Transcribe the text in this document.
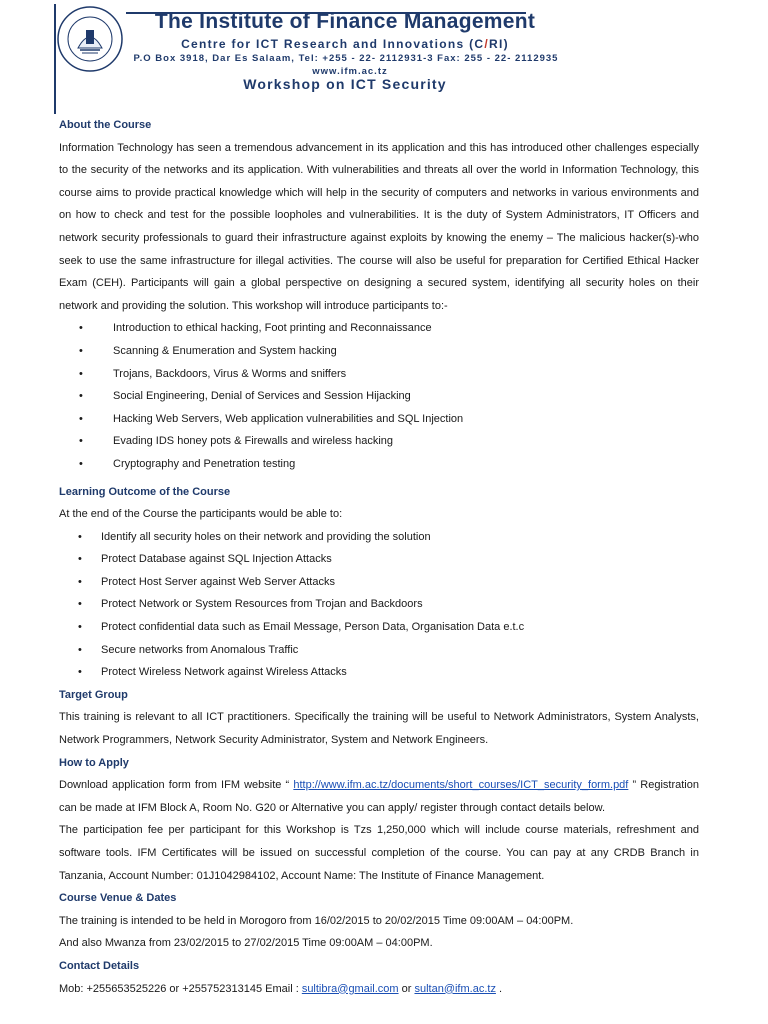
The Institute of Finance Management
Centre for ICT Research and Innovations (C/RI)
P.O Box 3918, Dar Es Salaam, Tel: +255 - 22- 2112931-3 Fax: 255 - 22- 2112935
www.ifm.ac.tz
Workshop on ICT Security
About the Course

Information Technology has seen a tremendous advancement in its application and this has introduced other challenges especially to the security of the networks and its application. With vulnerabilities and threats all over the world in Information Technology, this course aims to provide practical knowledge which will help in the security of computers and networks in various environments and on how to check and test for the possible loopholes and vulnerabilities. It is the duty of System Administrators, IT Officers and network security professionals to guard their infrastructure against exploits by knowing the enemy – The malicious hacker(s)-who seek to use the same infrastructure for illegal activities. The course will also be useful for preparation for Certified Ethical Hacker Exam (CEH). Participants will gain a global perspective on designing a secured system, identifying all security holes on their network and providing the solution. This workshop will introduce participants to:-

•	Introduction to ethical hacking, Foot printing and Reconnaissance
•	Scanning & Enumeration and System hacking
•	Trojans, Backdoors, Virus & Worms and sniffers
•	Social Engineering, Denial of Services and Session Hijacking
•	Hacking Web Servers, Web application vulnerabilities and SQL Injection
•	Evading IDS honey pots & Firewalls and wireless hacking
•	Cryptography and Penetration testing
Learning Outcome of the Course

At the end of the Course the participants would be able to:

• Identify all security holes on their network and providing the solution
• Protect Database against SQL Injection Attacks
• Protect Host Server against Web Server Attacks
• Protect Network or System Resources from Trojan and Backdoors
• Protect confidential data such as Email Message, Person Data, Organisation Data e.t.c
• Secure networks from Anomalous Traffic
• Protect Wireless Network against Wireless Attacks
Target Group

This training is relevant to all ICT practitioners. Specifically the training will be useful to Network Administrators, System Analysts, Network Programmers, Network Security Administrator, System and Network Engineers.

How to Apply

Download application form from IFM website “ http://www.ifm.ac.tz/documents/short_courses/ICT_security_form.pdf ” Registration can be made at IFM Block A, Room No. G20 or Alternative you can apply/ register through contact details below.

The participation fee per participant for this Workshop is Tzs 1,250,000 which will include course materials, refreshment and software tools. IFM Certificates will be issued on successful completion of the course. You can pay at any CRDB Branch in Tanzania, Account Number: 01J1042984102, Account Name: The Institute of Finance Management.

Course Venue & Dates

The training is intended to be held in Morogoro from 16/02/2015 to 20/02/2015 Time 09:00AM – 04:00PM.

And also Mwanza from 23/02/2015 to 27/02/2015 Time 09:00AM – 04:00PM.

Contact Details

Mob: +255653525226 or +255752313145 Email : sultibra@gmail.com or sultan@ifm.ac.tz .
